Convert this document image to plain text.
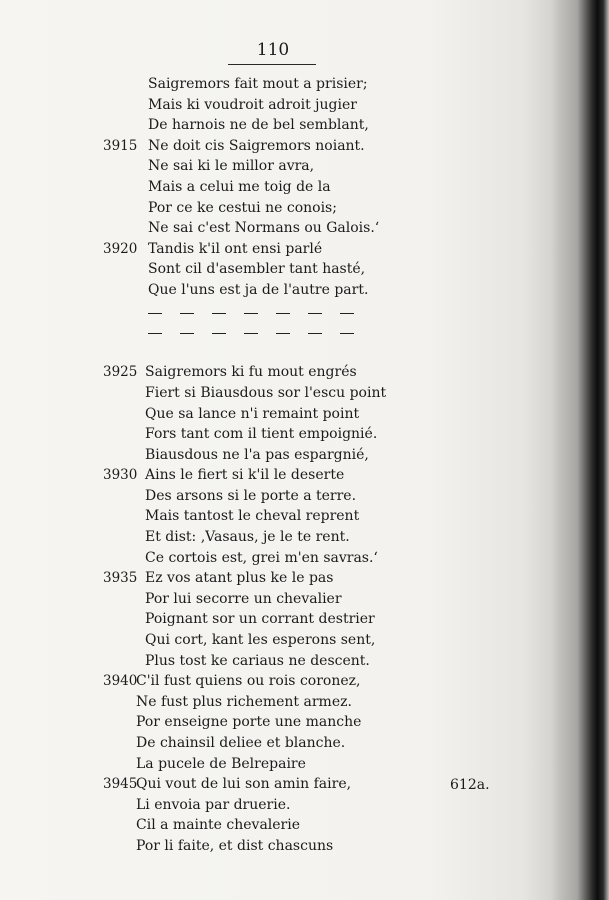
110
Saigremors fait mout a prisier;
Mais ki voudroit adroit jugier
De harnois ne de bel semblant,
3915 Ne doit cis Saigremors noiant.
Ne sai ki le millor avra,
Mais a celui me toig de la
Por ce ke cestui ne conois;
Ne sai c'est Normans ou Galois.‘
3920 Tandis k'il ont ensi parlé
Sont cil d'asembler tant hasté,
Que l'uns est ja de l'autre part.
3925 Saigremors ki fu mout engrés
Fiert si Biausdous sor l'escu point
Que sa lance n'i remaint point
Fors tant com il tient empoignié.
Biausdous ne l'a pas espargnié,
3930 Ains le fiert si k'il le deserte
Des arsons si le porte a terre.
Mais tantost le cheval reprent
Et dist: ‚Vasaus, je le te rent.
Ce cortois est, grei m'en savras.‘
3935 Ez vos atant plus ke le pas
Por lui secorre un chevalier
Poignant sor un corrant destrier
Qui cort, kant les esperons sent,
Plus tost ke cariaus ne descent.
3940
C'il fust quiens ou rois coronez,
Ne fust plus richement armez.
Por enseigne porte une manche
De chainsil deliee et blanche.
La pucele de Belrepaire
3945
Qui vout de lui son amin faire,
Li envoia par druerie.
Cil a mainte chevalerie
Por li faite, et dist chascuns
612a.
